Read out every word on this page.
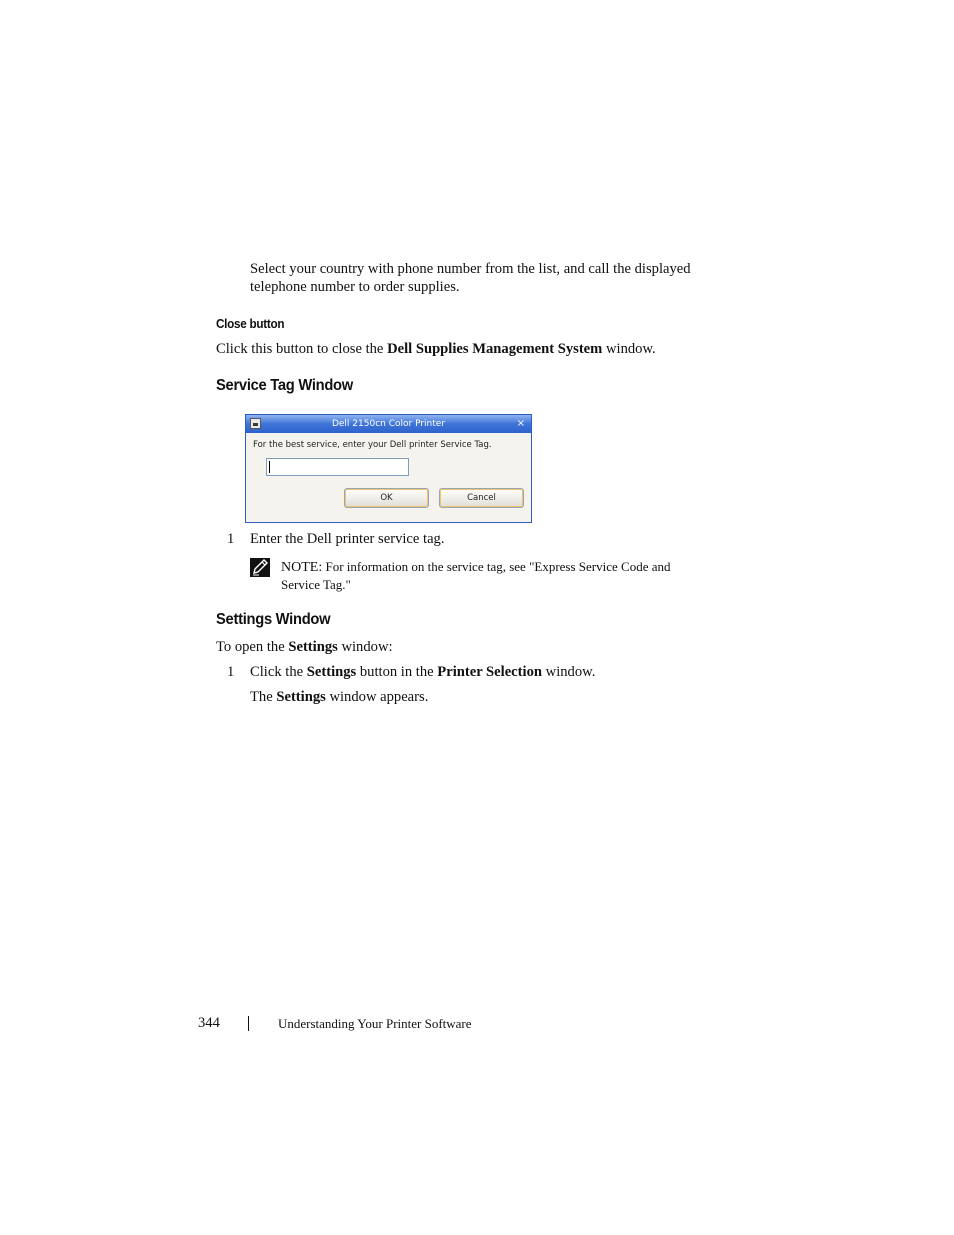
Select your country with phone number from the list, and call the displayed
telephone number to order supplies.
Close button
Click this button to close the Dell Supplies Management System window.
Service Tag Window
Dell 2150cn Color Printer	×
For the best service, enter your Dell printer Service Tag.
OK	Cancel
1 Enter the Dell printer service tag.
NOTE: For information on the service tag, see "Express Service Code and
Service Tag."
Settings Window
To open the Settings window:
1 Click the Settings button in the Printer Selection window.
The Settings window appears.
344	Understanding Your Printer Software
